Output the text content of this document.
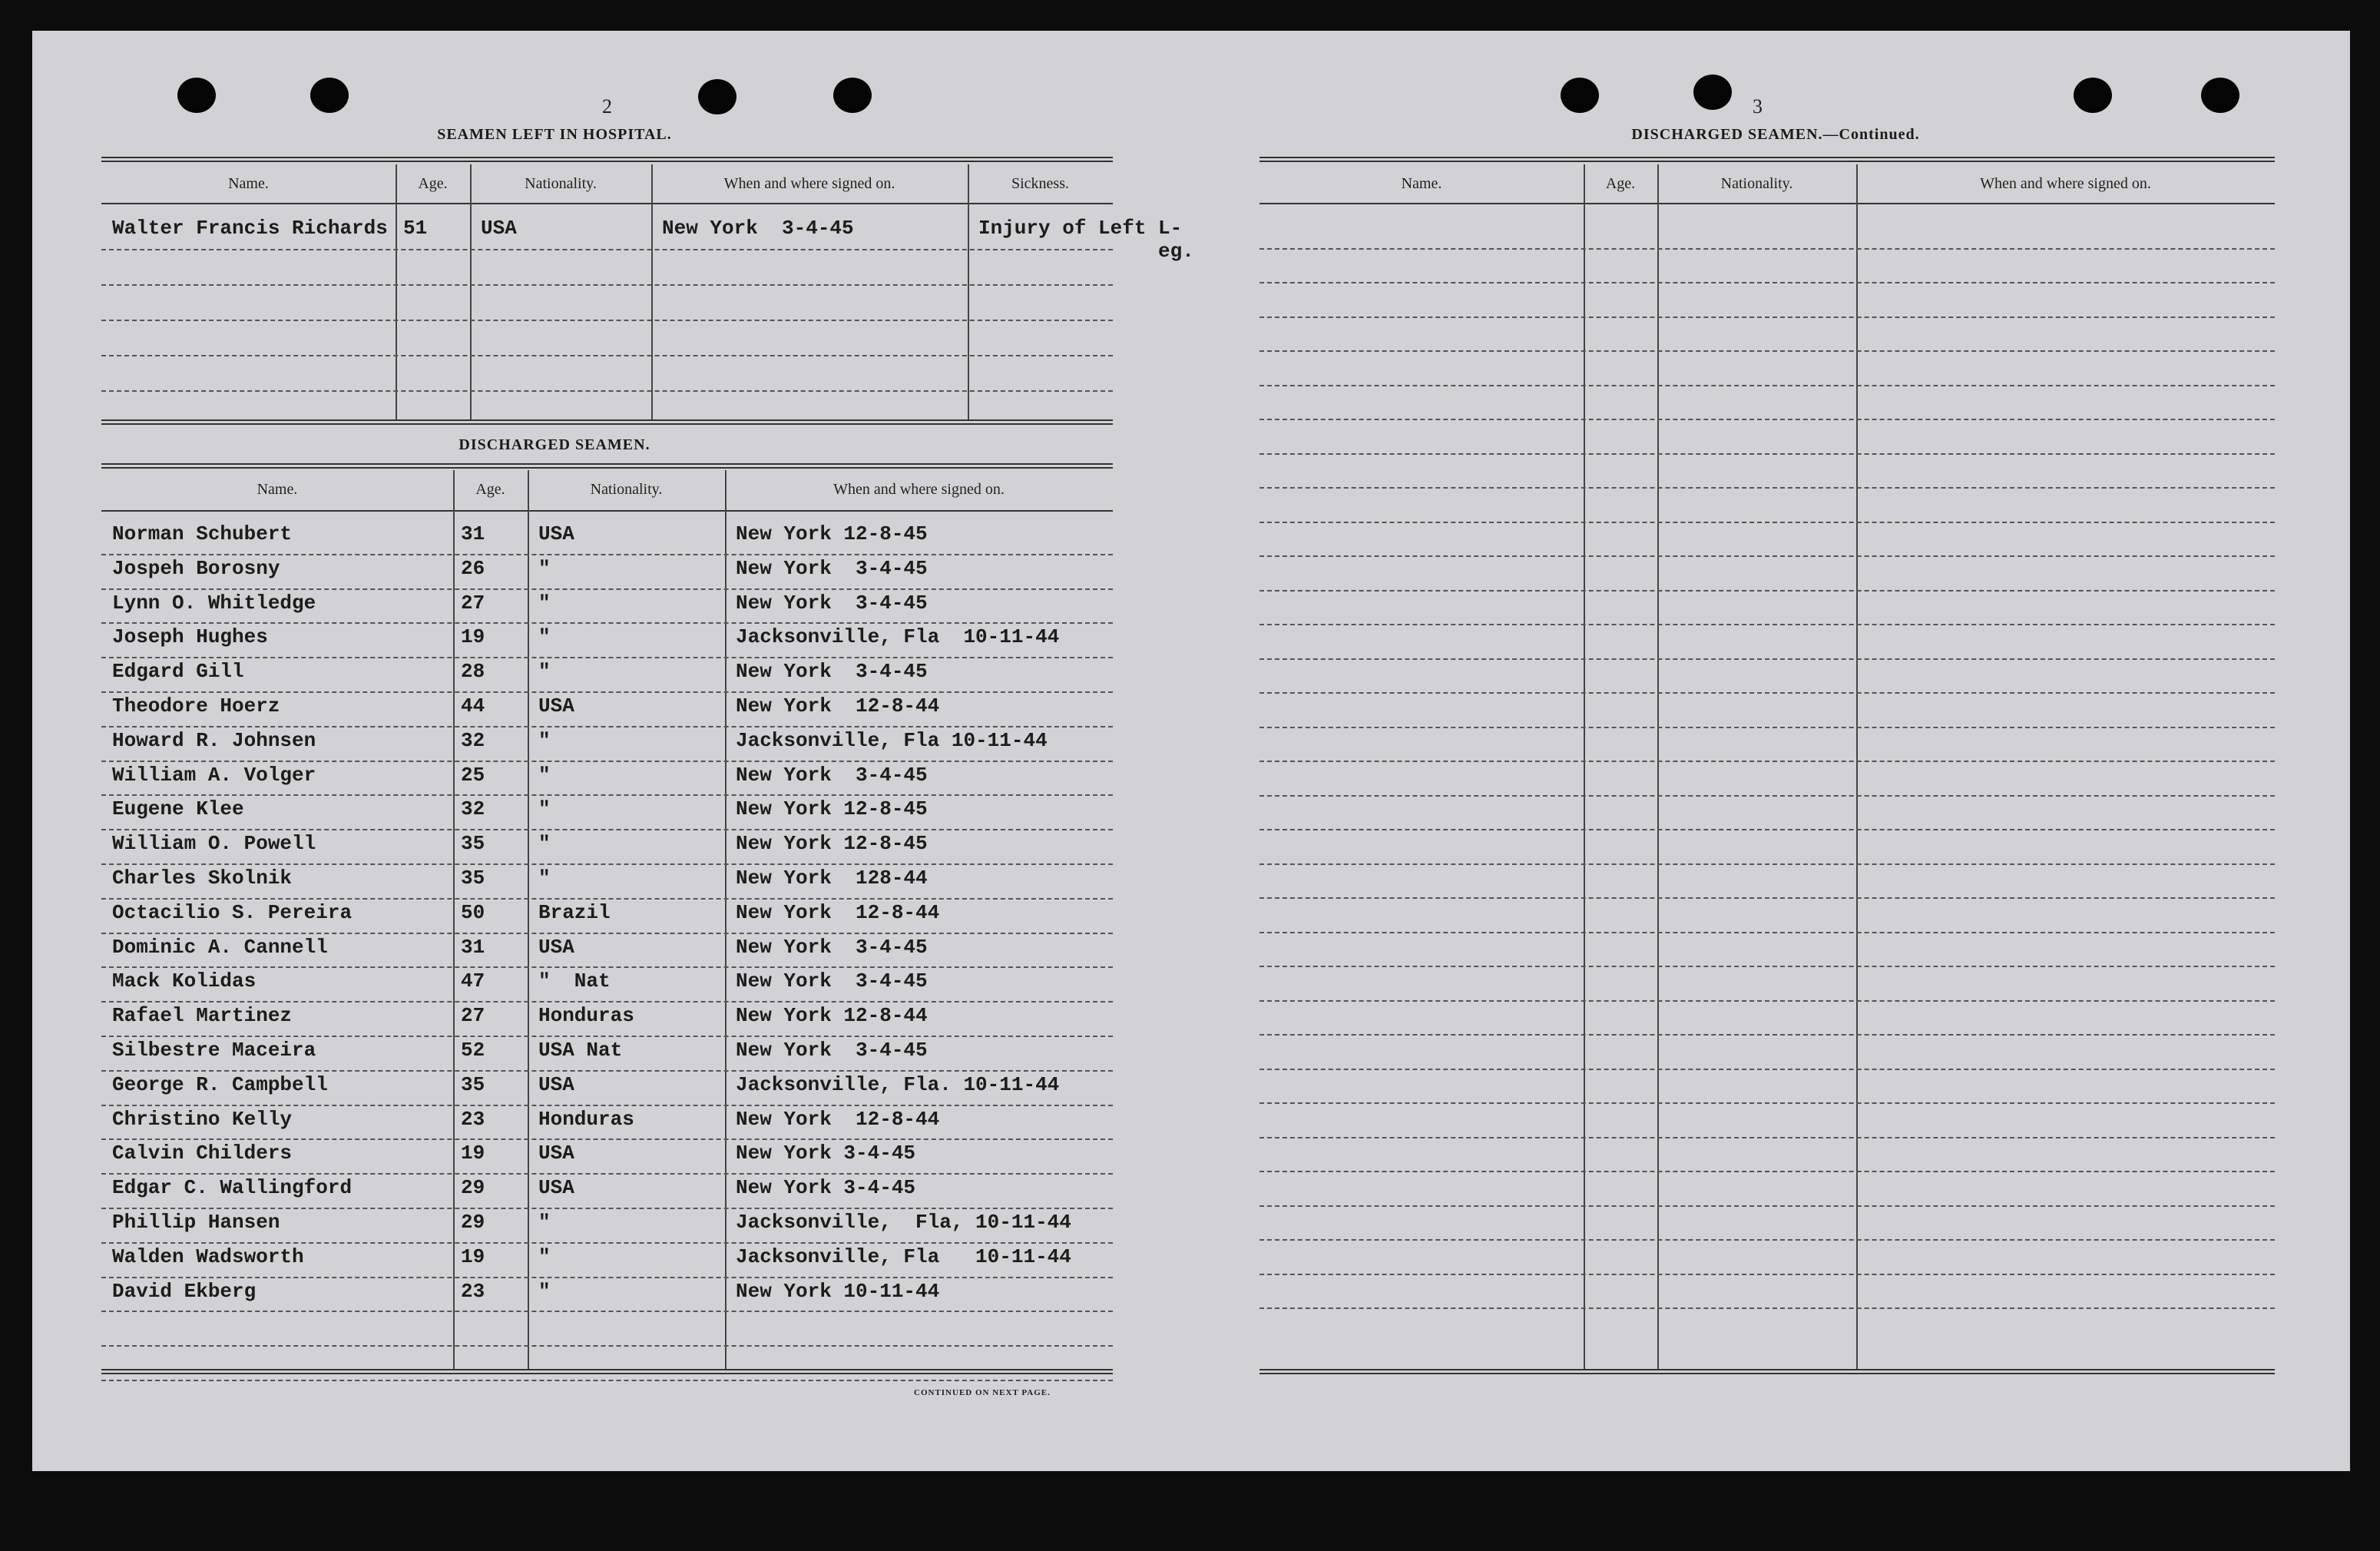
2
SEAMEN LEFT IN HOSPITAL.
Name.	Age.	Nationality.	When and where signed on.	Sickness.
Walter Francis Richards 51	USA	New York  3-4-45	Injury of Left L-
eg.
DISCHARGED SEAMEN.
Name.	Age.	Nationality.	When and where signed on.
Norman Schubert	31	USA	New York 12-8-45
Jospeh Borosny	26	"	New York  3-4-45
Lynn O. Whitledge	27	"	New York  3-4-45
Joseph Hughes	19	"	Jacksonville, Fla  10-11-44
Edgard Gill	28	"	New York  3-4-45
Theodore Hoerz	44	USA	New York  12-8-44
Howard R. Johnsen	32	"	Jacksonville, Fla 10-11-44
William A. Volger	25	"	New York  3-4-45
Eugene Klee	32	"	New York 12-8-45
William O. Powell	35	"	New York 12-8-45
Charles Skolnik	35	"	New York  128-44
Octacilio S. Pereira	50	Brazil	New York  12-8-44
Dominic A. Cannell	31	USA	New York  3-4-45
Mack Kolidas	47	"  Nat	New York  3-4-45
Rafael Martinez	27	Honduras	New York 12-8-44
Silbestre Maceira	52	USA Nat	New York  3-4-45
George R. Campbell	35	USA	Jacksonville, Fla. 10-11-44
Christino Kelly	23	Honduras	New York  12-8-44
Calvin Childers	19	USA	New York 3-4-45
Edgar C. Wallingford	29	USA	New York 3-4-45
Phillip Hansen	29	"	Jacksonville,  Fla, 10-11-44
Walden Wadsworth	19	"	Jacksonville, Fla   10-11-44
David Ekberg	23	"	New York 10-11-44
CONTINUED ON NEXT PAGE.
3
DISCHARGED SEAMEN.—Continued.
Name.	Age.	Nationality.	When and where signed on.
